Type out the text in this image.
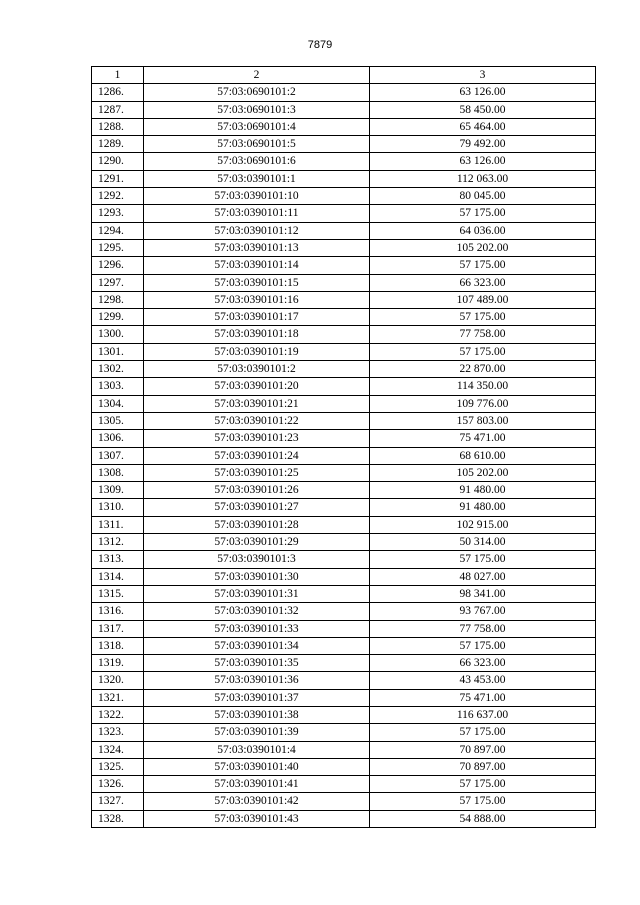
7879
1	2	3
1286.	57:03:0690101:2	63 126.00
1287.	57:03:0690101:3	58 450.00
1288.	57:03:0690101:4	65 464.00
1289.	57:03:0690101:5	79 492.00
1290.	57:03:0690101:6	63 126.00
1291.	57:03:0390101:1	112 063.00
1292.	57:03:0390101:10	80 045.00
1293.	57:03:0390101:11	57 175.00
1294.	57:03:0390101:12	64 036.00
1295.	57:03:0390101:13	105 202.00
1296.	57:03:0390101:14	57 175.00
1297.	57:03:0390101:15	66 323.00
1298.	57:03:0390101:16	107 489.00
1299.	57:03:0390101:17	57 175.00
1300.	57:03:0390101:18	77 758.00
1301.	57:03:0390101:19	57 175.00
1302.	57:03:0390101:2	22 870.00
1303.	57:03:0390101:20	114 350.00
1304.	57:03:0390101:21	109 776.00
1305.	57:03:0390101:22	157 803.00
1306.	57:03:0390101:23	75 471.00
1307.	57:03:0390101:24	68 610.00
1308.	57:03:0390101:25	105 202.00
1309.	57:03:0390101:26	91 480.00
1310.	57:03:0390101:27	91 480.00
1311.	57:03:0390101:28	102 915.00
1312.	57:03:0390101:29	50 314.00
1313.	57:03:0390101:3	57 175.00
1314.	57:03:0390101:30	48 027.00
1315.	57:03:0390101:31	98 341.00
1316.	57:03:0390101:32	93 767.00
1317.	57:03:0390101:33	77 758.00
1318.	57:03:0390101:34	57 175.00
1319.	57:03:0390101:35	66 323.00
1320.	57:03:0390101:36	43 453.00
1321.	57:03:0390101:37	75 471.00
1322.	57:03:0390101:38	116 637.00
1323.	57:03:0390101:39	57 175.00
1324.	57:03:0390101:4	70 897.00
1325.	57:03:0390101:40	70 897.00
1326.	57:03:0390101:41	57 175.00
1327.	57:03:0390101:42	57 175.00
1328.	57:03:0390101:43	54 888.00
